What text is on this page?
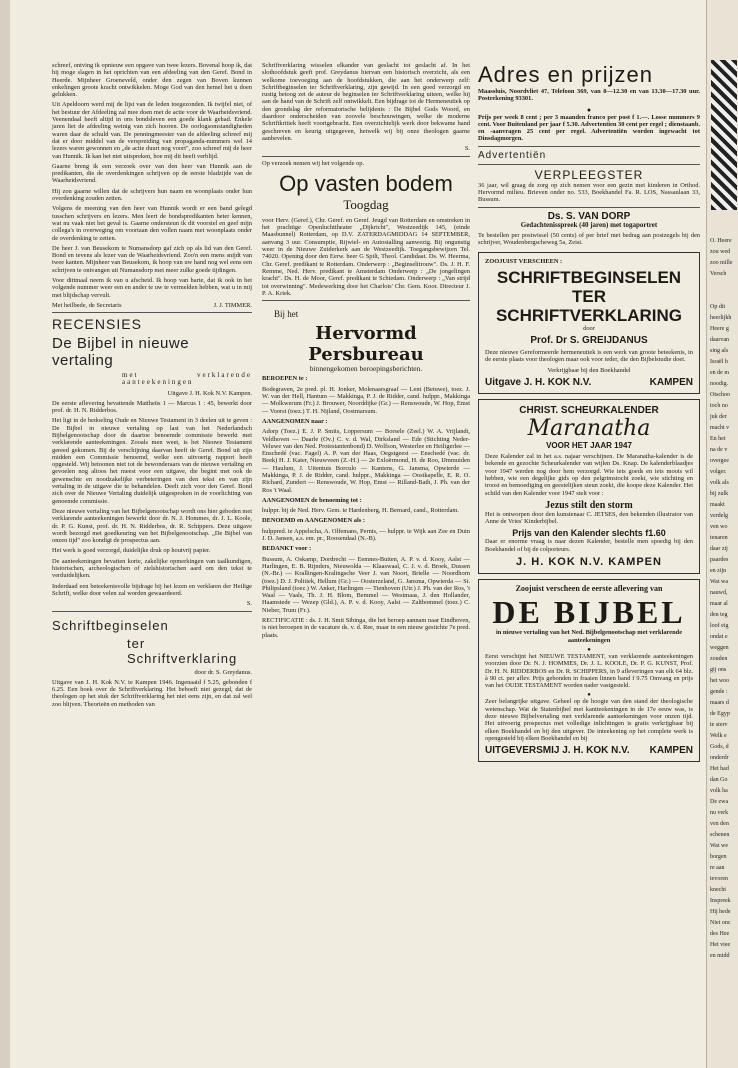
schreef, ontving ik opnieuw een opgave van twee lezers. Bovenal hoop ik, dat hij moge slagen in het oprichten van een afdeeling van den Geref. Bond in Heerde. Mijnheer Groeneveld, onder den zegen van Boven kunnen enkelingen groote kracht ontwikkelen. Moge God van den hemel het u doen gelukken.

Uit Apeldoorn werd mij de lijst van de leden toegezonden. Ik twijfel niet, of het bestuur der Afdeeling zal mee doen met de actie voor de Waarheidsvriend. Veenendaal heeft altijd in ons bondsleven een goede klank gehad. Enkele jaren liet de afdeeling weinig van zich hooren. De oorlogsomstandigheden waren daar de schuld van. De penningmeester van de afdeeling schreef mij dat er door middel van de verspreiding van propaganda-nummers wel 14 lezers waren gewonnen en „de actie duurt nog voort", zoo schreef mij de heer van Hunnik. Ik kan het niet uitspreken, hoe mij dit heeft verblijd.

Gaarne breng ik een verzoek over van den heer van Hunnik aan de predikanten, die de overdenkingen schrijven op de eerste bladzijde van de Waarheidsvriend.

Hij zou gaarne willen dat de schrijvers hun naam en woonplaats onder hun overdenking zouden zetten.

Volgens de meening van den heer van Hunnik wordt er een band gelegd tusschen schrijvers en lezers. Men leert de bondspredikanten beter kennen, wat nu vaak niet het geval is. Gaarne ondersteun ik dit voorstel en geef mijn collega's in overweging om voortaan den vollen naam met woonplaats onder de overdenking te zetten.

De heer J. van Beusekom te Numansdorp gaf zich op als lid van den Geref. Bond en tevens als lezer van de Waarheidsvriend. Zoo'n een mens snijdt van twee kanten. Mijnheer van Beusekom, ik hoop van uw hand nog wel eens een schrijven te ontvangen uit Numansdorp met meer zulke goede tijdingen.

Voor dittmaal neem ik van u afscheid. Ik hoop van harte, dat ik ook in het volgende nummer weer een en ander te uw te vermelden hebben, wat u in mij met blijdschap vervult.

Met heilbede, de Secretaris	J. J. TIMMER.
RECENSIES
De Bijbel in nieuwe vertaling
met verklarende aanteekeningen
Uitgave J. H. Kok N.V. Kampen.

De eerste aflevering bevattende Mattheüs 1 — Marcus 1 : 45, bewerkt door prof. dr. H. N. Ridderbos.

Het ligt in de bedoeling Oude en Nieuwe Testament in 3 deelen uit te geven : De Bijbel in nieuwe vertaling op last van het Nederlandsch Bijbelgenootschap door de daartoe benoemde commissie bewerkt met verklarende aanteekeningen. Zooals men weet, is het Nieuwe Testament gereed gekomen. Bij de verschijning daarvan heeft de Geref. Bond uit zijn midden een Commissie benoemd, welke een uitvoerig rapport heeft opgesteld. Wij betoonen niet tot de bewonderaars van de nieuwe vertaling en gevoelen nog altoos het meest voor een uitgave, die begint met ook de gewenschte en noodzakelijke verbeteringen van den tekst en van zijn vertaling in de uitgave die te behandelen. Deelt zich voor den Geref. Bond zich over de Nieuwe Vertaling duidelijk uitgesproken in de voorlichting van genoemde commissie.

Deze nieuwe vertaling van het Bijbelgenootschap wordt ons hier geboden met verklarende aanteekeningen bewerkt door dr. N. J. Hommes, dr. J. L. Koole, dr. P. G. Kunst, prof. dr. H. N. Ridderbos, dr. R. Schippers. Deze uitgave wordt bezorgd met goedkeuring van het Bijbelgenootschap. „De Bijbel van onzen tijd" zoo kondigt de prospectus aan.

Het werk is goed verzorgd, duidelijke druk op houtvrij papier.

De aanteekeningen bevatten korte, zakelijke opmerkingen van taalkundigen, historischen, archeologischen of zielshistorischen aard om den tekst te verduidelijken.

Inderdaad een beteekenisvolle bijdrage bij het lezen en verklaren der Heilige Schrift, welke door velen zal worden gewaardeerd.

S.
Schriftbeginselen
ter Schriftverklaring
door dr. S. Greydanus.

Uitgave van J. H. Kok N.V. te Kampen 1946. Ingenaaid f 5.25, gebonden f 6.25. Een boek over de Schriftverklaring. Het behoeft niet gezegd, dat de theologen op het stuk der Schriftverklaring het niet eens zijn, en dat zal wel zoo blijven. Theorieën en methoden van

Schriftverklaring wisselen elkander van geslacht tot geslacht af. In het slothoofdstuk geeft prof. Greydanus hiervan een historisch overzicht, als een welkome toevoeging aan de hoofdstukken, die aan het onderwerp zelf: Schriftbeginselen ter Schriftverklaring, zijn gewijd. In een goed verzorgd en rustig betoog zet de auteur de beginselen ter Schriftverklaring uiteen, welke hij aan de hand van de Schrift zelf ontwikkelt. Een bijdrage tot de Hermeneutiek op den grondslag der reformatorische belijdenis : De Bijbel Gods Woord, en daardoor onderscheiden van zoovele beschouwingen, welke de moderne Schriftkritiek heeft voortgebracht. Een overzichtelijk werk door bekwame hand geschreven en keurig uitgegeven, hetwelk wij bij onze theologen gaarne aanbevelen.

S.

Op verzoek nemen wij het volgende op.

Op vasten bodem
Toogdag

voor Herv. (Geref.), Chr. Geref. en Geref. Jeugd van Rotterdam en omstreken in het prachtige Openluchttheater „Dijkricht", Westzeedijk 145, (einde Maasbunnel) Rotterdam, op D.V. ZATERDAGMIDDAG 14 SEPTEMBER, aanvang 3 uur. Consumptie, Rijwiel- en Autostalling aanwezig. Bij ongunstig weer in de Nieuwe Zuiderkerk aan de Westzeedijk. Toegangsbewijzen Tel. 74020. Opening door den Eerw. heer G Spilt, Theol. Candidaat. Ds. W. Heerma, Chr. Geref. predikant te Rotterdam. Onderwerp : „Beginselitrouw". Ds. J. H. F. Remme, Ned. Herv. predikant te Amsterdam Onderwerp : „De jongelingen kracht". Ds. H. de Moor, Geref. predikant te Schiedam. Onderwerp : „Van strijd tot overwinning". Medewerking door het Charlois' Chr. Gem. Koor. Directeur J. P. A. Kriek.

Bij het
Hervormd Persbureau
binnengekomen beroepingsberichten.
BEROEPEN te :

Bodegraven, 2e pred. pl. H. Jonker, Molenaarsgraaf — Lent (Betuwe), toez. J. W. van der Hell, Hantum — Makkinga, P. J. de Ridder, cand. hulppr., Makkinga — Molkwerum (Fr.) J. Brouwer, Noorddijke (Gr.) — Renswoude, W. Hop, Emst — Voorst (toez.) T. H. Nijland, Oostmarsum.

AANGENOMEN naar :

Adorp (Toez.) E. J. P. Smits, Loppersum — Borsele (Zeel.) W. A. Vrijlandt, Veldhoven — Daarle (Ov.) C. v. d. Wal, Dirksland — Ede (Stichting Neder-Veluwe van den Ned. Protestantenbond) D. Wolfson, Westerlee en Heiligerlee — Enschedé (vac. Fagel) A. P. van der Haas, Oegstgeest — Enschedé (vac. dr. Beek) H. J. Kater, Nieuwveen (Z.-H.) — 2e Exloërmond, H. de Roo, IJmmuiden — Haulum, J. Uitentuis Borculo — Kantens, G. Jansma, Opwierde — Makkinga, P. J. de Ridder, cand. hulppr., Makkinga — Oostkapelle, E. R. O. Richard, Zundert — Renswoude, W. Hop, Emst — Rilland-Bath, J. Ph. van der Ros 't Waal.

AANGENOMEN de benoeming tot :

hulppr. bij de Ned. Herv. Gem. te Hardenberg, H. Bernard, cand., Rotterdam.

DENOEMD en AANGENOMEN als :

hulppred. te Appelscha, A. Olfemans, Pernis, — hulppr. te Wijk aan Zee en Duin J. D. Jansen, a.s. em. pr., Roosendaal (N.-B).

BEDANKT voor :

Bussum, A. Oskamp, Dordrecht — Eemnes-Buiten, A. P. v. d. Kooy, Aalst — Harlingen, E. B. Rijnders, Nieuwolda — Klaaswaal, C. J. v. d. Broek, Dussen (N.-Br.) — Krallingen-Kralingsche Veer J. van Noort, Brielle — Noordhorn (toez.) D. J. Politiek, Hellum (Gr.) — Oosterzeland, G. Jansma, Opwierda — St. Philipsland (toez.) W. Anker, Harlingen — Tienhoven (Utr.) J. Ph. van der Ros, 't Waal — Vaals, Th. J. H. Blom, Bemmel — Westmaas, J. den Hollander, Haamstede — Wezep (Gld.), A. P. v. d. Kooy, Aalst — Zaltbommel (toez.) C. Nieber, Trum (Fr.).

RECTIFICATIE : ds. J. H. Smit Sibinga, die het beroep aannam naar Eindhoven, is niet beroepen in de vacature ds. v. d. Ree, maar in een nieuw gestichte 7e pred. plaats.

Adres en prijzen

Maassluis, Noordvliet 47, Telefoon 369, van 8—12.30 en van 13.30—17.30 uur. Postrekening 93301.

●

Prijs per week 8 cent ; per 3 maanden franco per post f 1.—. Losse nummers 9 cent. Voor Buitenland per jaar f 5.30. Advertentien 30 cent per regel ; dienstaanb. en -aanvragen 25 cent per regel. Advertentiën worden ingewacht tot Dinsdagmorgen.

Advertentiën
VERPLEEGSTER

36 jaar, wil graag de zorg op zich nemen voor een gezin met kinderen in Orthod. Hervormd milieu. Brieven onder no. 533, Boekhandel Fa. R. LOS, Nassaulaan 33, Bussum.

Ds. S. VAN DORP
Gedachtenisspreek (40 jaren) met togaportret

Te bestellen per postwissel (50 cents) of per brief met bedrag aan postzegels bij den schrijver, Woudenbergscheweg 5a, Zeist.

ZOOJUIST VERSCHEEN :
SCHRIFTBEGINSELEN TER SCHRIFTVERKLARING
door
Prof. Dr S. GREIJDANUS

Deze nieuwe Gereformeerde hermeneutiek is een werk van groote beteekenis, in de eerste plaats voor theologen maar ook voor ieder, die den Bijbelstudie doet.

Verkrijgbaar bij den Boekhandel
Uitgave J. H. KOK N.V.	KAMPEN
CHRIST. SCHEURKALENDER
Maranatha
VOOR HET JAAR 1947

Deze Kalender zal in het a.s. najaar verschijnen. De Maranatha-kalender is de bekende en gezochte Scheurkalender van wijlen Ds. Knap. De kalenderblaadjes voor 1947 werden nog door hem verzorgd. Wie iets goeds en iets moois wil hebben, wie een degelijke gids op den pelgrimstocht zoekt, wie stichting en troost en bemoediging en geestelijken steun zoekt, die koope deze Kalender. Het schild van den Kalender voor 1947 stelt voor :

Jezus stilt den storm

Het is ontworpen door den kunstenaar C. JETSES, den bekenden illustrator van Anne de Vries' Kinderbijbel.

Prijs van den Kalender slechts f1.60

Daar er enorme vraag is naar dezen Kalender, bestelle men spoedig bij den Boekhandel of bij de colporteurs.

J. H. KOK N.V. KAMPEN
Zoojuist verscheen de eerste aflevering van
DE BIJBEL
in nieuwe vertaling van het Ned. Bijbelgenootschap met verklarende aanteekeningen
●

Eerst verschijnt het NIEUWE TESTAMENT, van verklarende aanteekeningen voorzien door Dr. N. J. HOMMES, Dr. J. L. KOOLE, Dr. P. G. KUNST, Prof. Dr. H. N. RIDDERBOS en Dr. R. SCHIPPERS, in 9 afleveringen van elk 64 blz. à 90 ct. per aflev. Prijs gebonden in fraaien linnen band f 9.75 Omvang en prijs van het OUDE TESTAMENT worden nader vastgesteld.

●

Zeer belangrijke uitgave. Geheel op de hoogte van den stand der theologische wetenschap. Wat de Statenbijbel met kantteekeningen in de 17e eeuw was, is deze nieuwe Bijbelvertaling met verklarende aanteekeningen voor onzen tijd. Het uitvoerig prospectus met volledige inlichtingen is gratis verkrijgbaar bij elken Boekhandel en bij den uitgever. De inteekening op het complete werk is opengesteld bij elken Boekhandel en bij

UITGEVERSMIJ J. H. KOK N.V. KAMPEN

O. Heere
zou wed
zoo mille
Versch

Op dit
heerlijkh
Heere g
daarvan
sing als
Israël h
en de m
noodig.
Otschoo
toch no
juk der
macht v
En het
na de v
overgee
volger.
volk als
bij zulk
maakt
verdelg
ven wo
tenaren
daar zij
paardes
en zijn
Wat wa
nauwd,
maar al
den teg
loof eig
ondat e
weggen
zouden
gij ons
het woo
gende :
maars d
de Egyp
te sterv
Welk e
Gods, d
onderdr
Het had
dan Go
volk ha
De zwa
nu verk
ven den
schenen
Wat we
borgen
re aan
tevoren
knecht
Inspreek
Hij hede
Niet onc
des Hee
Het viee
en midd
